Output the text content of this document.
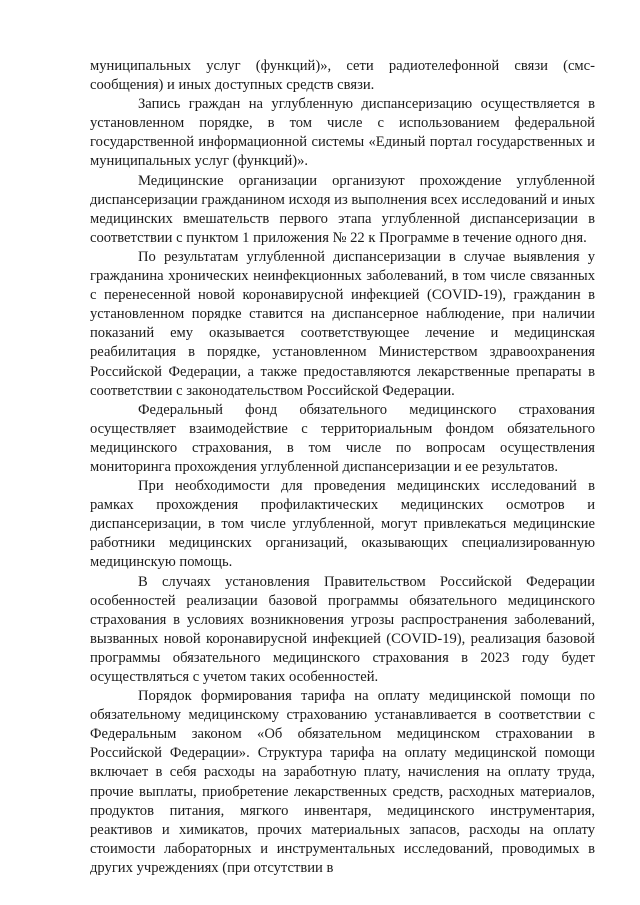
муниципальных услуг (функций)», сети радиотелефонной связи (смс-сообщения) и иных доступных средств связи.

Запись граждан на углубленную диспансеризацию осуществляется в установленном порядке, в том числе с использованием федеральной государственной информационной системы «Единый портал государственных и муниципальных услуг (функций)».

Медицинские организации организуют прохождение углубленной диспансеризации гражданином исходя из выполнения всех исследований и иных медицинских вмешательств первого этапа углубленной диспансеризации в соответствии с пунктом 1 приложения № 22 к Программе в течение одного дня.

По результатам углубленной диспансеризации в случае выявления у гражданина хронических неинфекционных заболеваний, в том числе связанных с перенесенной новой коронавирусной инфекцией (COVID-19), гражданин в установленном порядке ставится на диспансерное наблюдение, при наличии показаний ему оказывается соответствующее лечение и медицинская реабилитация в порядке, установленном Министерством здравоохранения Российской Федерации, а также предоставляются лекарственные препараты в соответствии с законодательством Российской Федерации.

Федеральный фонд обязательного медицинского страхования осуществляет взаимодействие с территориальным фондом обязательного медицинского страхования, в том числе по вопросам осуществления мониторинга прохождения углубленной диспансеризации и ее результатов.

При необходимости для проведения медицинских исследований в рамках прохождения профилактических медицинских осмотров и диспансеризации, в том числе углубленной, могут привлекаться медицинские работники медицинских организаций, оказывающих специализированную медицинскую помощь.

В случаях установления Правительством Российской Федерации особенностей реализации базовой программы обязательного медицинского страхования в условиях возникновения угрозы распространения заболеваний, вызванных новой коронавирусной инфекцией (COVID-19), реализация базовой программы обязательного медицинского страхования в 2023 году будет осуществляться с учетом таких особенностей.

Порядок формирования тарифа на оплату медицинской помощи по обязательному медицинскому страхованию устанавливается в соответствии с Федеральным законом «Об обязательном медицинском страховании в Российской Федерации». Структура тарифа на оплату медицинской помощи включает в себя расходы на заработную плату, начисления на оплату труда, прочие выплаты, приобретение лекарственных средств, расходных материалов, продуктов питания, мягкого инвентаря, медицинского инструментария, реактивов и химикатов, прочих материальных запасов, расходы на оплату стоимости лабораторных и инструментальных исследований, проводимых в других учреждениях (при отсутствии в
